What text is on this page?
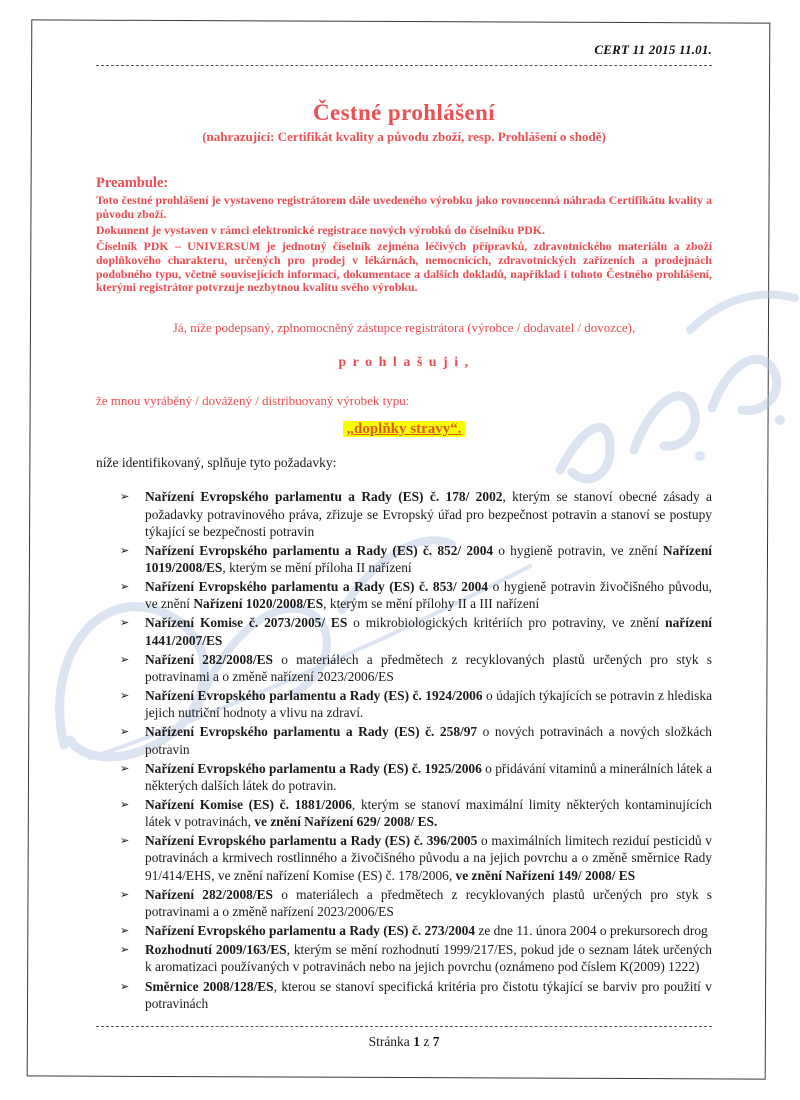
CERT 11 2015 11.01.
Čestné prohlášení
(nahrazující: Certifikát kvality a původu zboží, resp. Prohlášení o shodě)
Preambule:

Toto čestné prohlášení je vystaveno registrátorem dále uvedeného výrobku jako rovnocenná náhrada Certifikátu kvality a původu zboží.

Dokument je vystaven v rámci elektronické registrace nových výrobků do číselníku PDK.

Číselník PDK – UNIVERSUM je jednotný číselník zejména léčivých přípravků, zdravotnického materiálu a zboží doplňkového charakteru, určených pro prodej v lékárnách, nemocnicích, zdravotnických zařízeních a prodejnách podobného typu, včetně souvisejících informací, dokumentace a dalších dokladů, například i tohoto Čestného prohlášení, kterými registrátor potvrzuje nezbytnou kvalitu svého výrobku.

Já, níže podepsaný, zplnomocněný zástupce registrátora (výrobce / dodavatel / dovozce),

p r o h l a š u j i ,

že mnou vyráběný / dovážený / distribuovaný výrobek typu:

„doplňky stravy“.

níže identifikovaný, splňuje tyto požadavky:

➢ Nařízení Evropského parlamentu a Rady (ES) č. 178/ 2002, kterým se stanoví obecné zásady a požadavky potravinového práva, zřizuje se Evropský úřad pro bezpečnost potravin a stanoví se postupy týkající se bezpečnosti potravin
➢ Nařízení Evropského parlamentu a Rady (ES) č. 852/ 2004 o hygieně potravin, ve znění Nařízení 1019/2008/ES, kterým se mění příloha II nařízení
➢ Nařízení Evropského parlamentu a Rady (ES) č. 853/ 2004 o hygieně potravin živočišného původu, ve znění Nařízení 1020/2008/ES, kterým se mění přílohy II a III nařízení
➢ Nařízení Komise č. 2073/2005/ ES o mikrobiologických kritériích pro potraviny, ve znění nařízení 1441/2007/ES
➢ Nařízení 282/2008/ES o materiálech a předmětech z recyklovaných plastů určených pro styk s potravinami a o změně nařízení 2023/2006/ES
➢ Nařízení Evropského parlamentu a Rady (ES) č. 1924/2006 o údajích týkajících se potravin z hlediska jejich nutriční hodnoty a vlivu na zdraví.
➢ Nařízení Evropského parlamentu a Rady (ES) č. 258/97 o nových potravinách a nových složkách potravin
➢ Nařízení Evropského parlamentu a Rady (ES) č. 1925/2006 o přidávání vitaminů a minerálních látek a některých dalších látek do potravin.
➢ Nařízení Komise (ES) č. 1881/2006, kterým se stanoví maximální limity některých kontaminujících látek v potravinách, ve znění Nařízení 629/ 2008/ ES.
➢ Nařízení Evropského parlamentu a Rady (ES) č. 396/2005 o maximálních limitech reziduí pesticidů v potravinách a krmivech rostlinného a živočišného původu a na jejich povrchu a o změně směrnice Rady 91/414/EHS, ve znění nařízení Komise (ES) č. 178/2006, ve znění Nařízení 149/ 2008/ ES
➢ Nařízení 282/2008/ES o materiálech a předmětech z recyklovaných plastů určených pro styk s potravinami a o změně nařízení 2023/2006/ES
➢ Nařízení Evropského parlamentu a Rady (ES) č. 273/2004 ze dne 11. února 2004 o prekursorech drog
➢ Rozhodnutí 2009/163/ES, kterým se mění rozhodnutí 1999/217/ES, pokud jde o seznam látek určených k aromatizaci používaných v potravinách nebo na jejich povrchu (oznámeno pod číslem K(2009) 1222)
➢ Směrnice 2008/128/ES, kterou se stanoví specifická kritéria pro čistotu týkající se barviv pro použití v potravinách
Stránka 1 z 7
